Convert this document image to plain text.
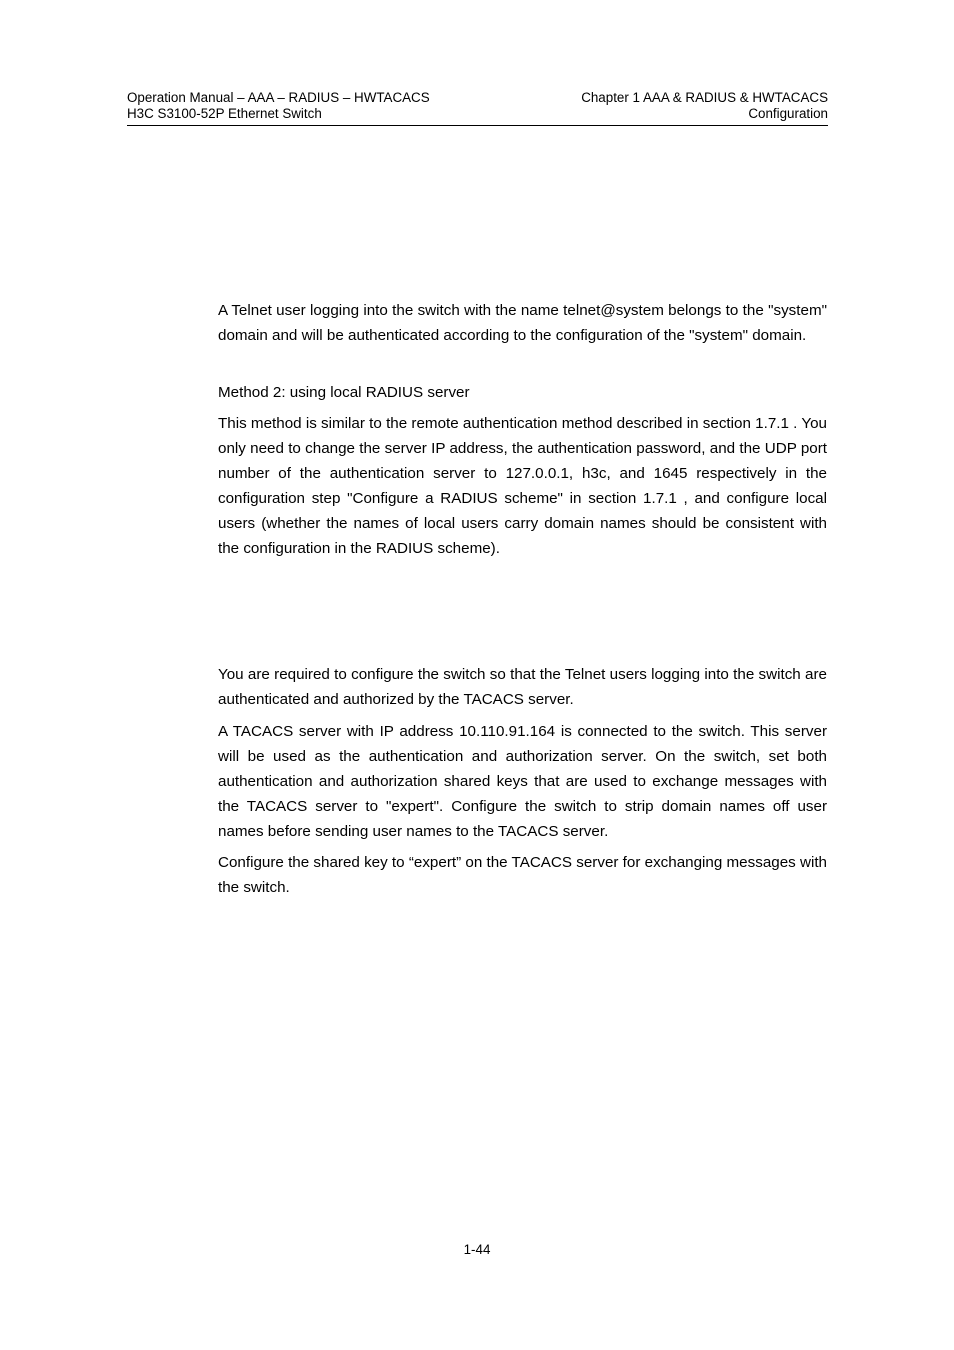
Operation Manual – AAA – RADIUS – HWTACACS
H3C S3100-52P Ethernet Switch
Chapter 1 AAA & RADIUS & HWTACACS
Configuration

A Telnet user logging into the switch with the name telnet@system belongs to the "system" domain and will be authenticated according to the configuration of the "system" domain.

Method 2: using local RADIUS server

This method is similar to the remote authentication method described in section 1.7.1 . You only need to change the server IP address, the authentication password, and the UDP port number of the authentication server to 127.0.0.1, h3c, and 1645 respectively in the configuration step "Configure a RADIUS scheme" in section 1.7.1 , and configure local users (whether the names of local users carry domain names should be consistent with the configuration in the RADIUS scheme).

You are required to configure the switch so that the Telnet users logging into the switch are authenticated and authorized by the TACACS server.

A TACACS server with IP address 10.110.91.164 is connected to the switch. This server will be used as the authentication and authorization server. On the switch, set both authentication and authorization shared keys that are used to exchange messages with the TACACS server to "expert". Configure the switch to strip domain names off user names before sending user names to the TACACS server.

Configure the shared key to “expert” on the TACACS server for exchanging messages with the switch.

1-44
